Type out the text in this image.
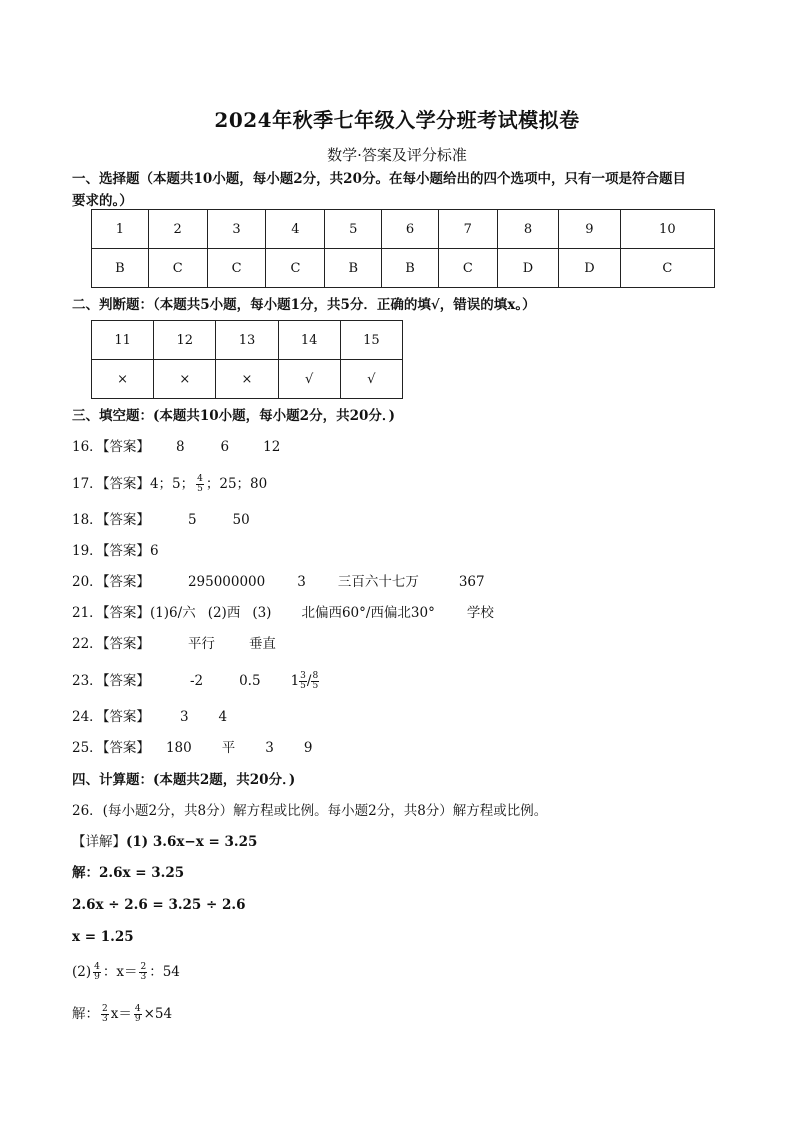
2024年秋季七年级入学分班考试模拟卷
数学·答案及评分标准
一、选择题（本题共10小题，每小题2分，共20分。在每小题给出的四个选项中，只有一项是符合题目
要求的。）
1	2	3	4	5	6	7	8	9	10
B	C	C	C	B	B	C	D	D	C
二、判断题：（本题共5小题，每小题1分，共5分．正确的填√，错误的填x。）
11	12	13	14	15
×	×	×	√	√
三、填空题：(本题共10小题，每小题2分，共20分．)
16．【答案】 8	6	12
17．【答案】4；5； $\frac{4}{5}$ ；25；80
18．【答案】	5	50
19．【答案】6
20．【答案】	295000000 3 三百六十七万	367
21．【答案】(1)6/六 (2)西 (3) 北偏西60°/西偏北30° 学校
22．【答案】	平行	垂直
23．【答案】	-2	0.5 $1 \frac{3}{5} / \frac{8}{5}$
24．【答案】 3 4
25．【答案】 180 平 3 9
四、计算题：(本题共2题，共20分．)
26．(每小题2分，共8分）解方程或比例。每小题2分，共8分）解方程或比例。
【详解】(1) 3.6x−x = 3.25
解：2.6x = 3.25
2.6x ÷ 2.6 = 3.25 ÷ 2.6
x = 1.25
$(2) \frac{4}{9}$ ：$x= \frac{2}{3}$ ：54
解： $\frac{2}{3} x= \frac{4}{9} \times 54$
